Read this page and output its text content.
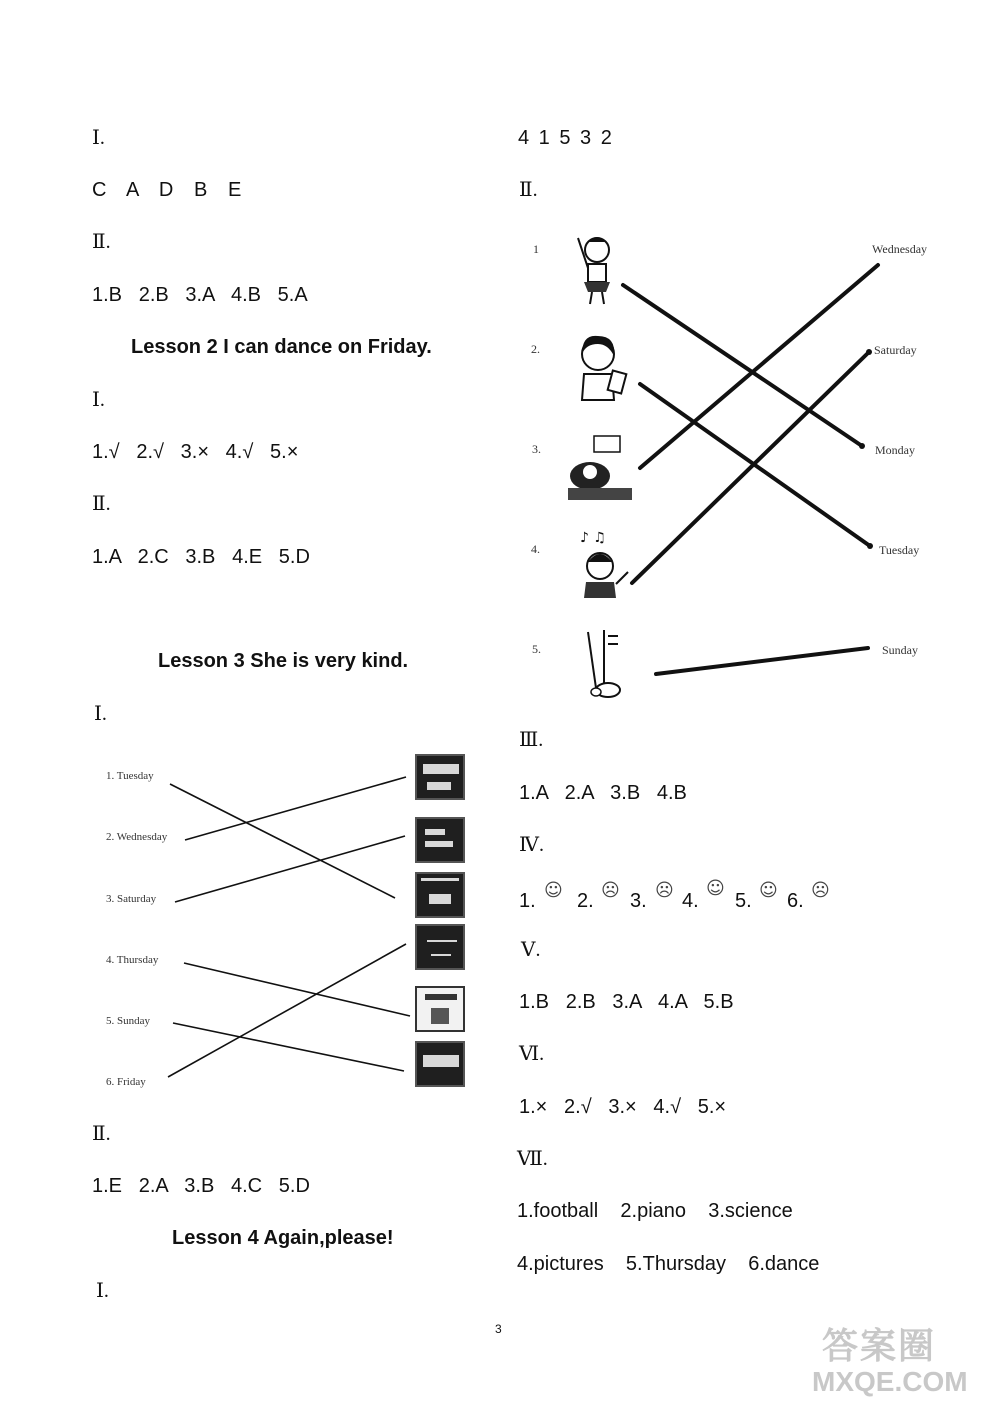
Ⅰ.
C   A   D   B   E
Ⅱ.
1.B   2.B   3.A   4.B   5.A
Lesson 2 I can dance on Friday.
Ⅰ.
1.√   2.√   3.×   4.√   5.×
Ⅱ.
1.A   2.C   3.B   4.E   5.D
Lesson 3 She is very kind.
Ⅰ.
1. Tuesday
2. Wednesday
3. Saturday
4. Thursday
5. Sunday
6. Friday
Ⅱ.
1.E   2.A   3.B   4.C   5.D
Lesson 4 Again,please!
Ⅰ.
4 1 5 3 2
Ⅱ.
1
2.
3.
4.
5.
♪ ♫
Wednesday
Saturday
Monday
Tuesday
Sunday
Ⅲ.
1.A   2.A   3.B   4.B
Ⅳ.
1. ☺ 2. ☹ 3. ☹ 4.
☺
5. ☺ 6. ☹
Ⅴ.
1.B   2.B   3.A   4.A   5.B
Ⅵ.
1.×   2.√   3.×   4.√   5.×
Ⅶ.
1.football    2.piano    3.science
4.pictures    5.Thursday    6.dance
3	答案圈
MXQE.COM
